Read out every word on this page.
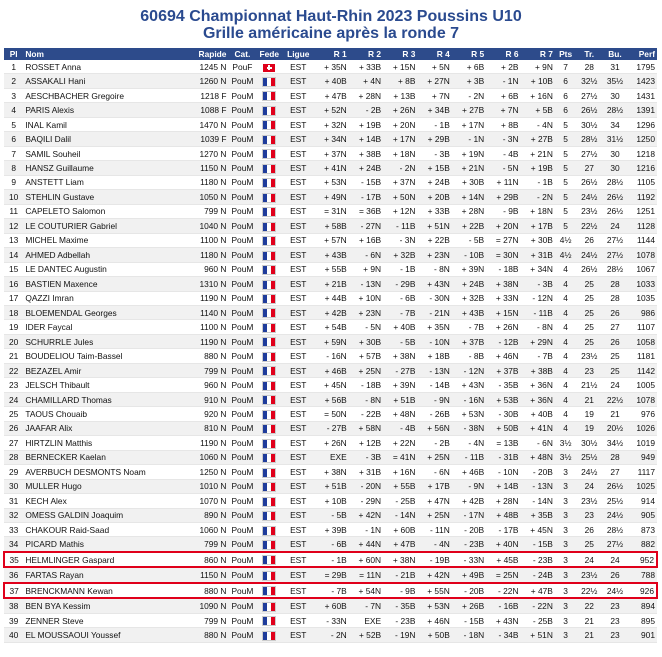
60694 Championnat Haut-Rhin 2023 Poussins U10
Grille américaine après la ronde 7
Pl	Nom	Rapide	Cat.	Fede	Ligue	R 1	R 2	R 3	R 4	R 5	R 6	R 7	Pts	Tr.	Bu.	Perf
1	ROSSET Anna	1245 N	PouF		EST	+ 35N	+ 33B	+ 15N	+ 5N	+ 6B	+ 2B	+ 9N	7	28	31	1795
2	ASSAKALI Hani	1260 N	PouM		EST	+ 40B	+ 4N	+ 8B	+ 27N	+ 3B	- 1N	+ 10B	6	32½	35½	1423
3	AESCHBACHER Gregoire	1218 F	PouM		EST	+ 47B	+ 28N	+ 13B	+ 7N	- 2N	+ 6B	+ 16N	6	27½	30	1431
4	PARIS Alexis	1088 F	PouM		EST	+ 52N	- 2B	+ 26N	+ 34B	+ 27B	+ 7N	+ 5B	6	26½	28½	1391
5	INAL Kamil	1470 N	PouM		EST	+ 32N	+ 19B	+ 20N	- 1B	+ 17N	+ 8B	- 4N	5	30½	34	1296
6	BAQILI Dalil	1039 F	PouM		EST	+ 34N	+ 14B	+ 17N	+ 29B	- 1N	- 3N	+ 27B	5	28½	31½	1250
7	SAMIL Souheil	1270 N	PouM		EST	+ 37N	+ 38B	+ 18N	- 3B	+ 19N	- 4B	+ 21N	5	27½	30	1218
8	HANSZ Guillaume	1150 N	PouM		EST	+ 41N	+ 24B	- 2N	+ 15B	+ 21N	- 5N	+ 19B	5	27	30	1216
9	ANSTETT Liam	1180 N	PouM		EST	+ 53N	- 15B	+ 37N	+ 24B	+ 30B	+ 11N	- 1B	5	26½	28½	1105
10	STEHLIN Gustave	1050 N	PouM		EST	+ 49N	- 17B	+ 50N	+ 20B	+ 14N	+ 29B	- 2N	5	24½	26½	1192
11	CAPELETO Salomon	799 N	PouM		EST	= 31N	= 36B	+ 12N	+ 33B	+ 28N	- 9B	+ 18N	5	23½	26½	1251
12	LE COUTURIER Gabriel	1040 N	PouM		EST	+ 58B	- 27N	- 11B	+ 51N	+ 22B	+ 20N	+ 17B	5	22½	24	1128
13	MICHEL Maxime	1100 N	PouM		EST	+ 57N	+ 16B	- 3N	+ 22B	- 5B	= 27N	+ 30B	4½	26	27½	1144
14	AHMED Adbellah	1180 N	PouM		EST	+ 43B	- 6N	+ 32B	+ 23N	- 10B	= 30N	+ 31B	4½	24½	27½	1078
15	LE DANTEC Augustin	960 N	PouM		EST	+ 55B	+ 9N	- 1B	- 8N	+ 39N	- 18B	+ 34N	4	26½	28½	1067
16	BASTIEN Maxence	1310 N	PouM		EST	+ 21B	- 13N	- 29B	+ 43N	+ 24B	+ 38N	- 3B	4	25	28	1033
17	QAZZI Imran	1190 N	PouM		EST	+ 44B	+ 10N	- 6B	- 30N	+ 32B	+ 33N	- 12N	4	25	28	1035
18	BLOEMENDAL Georges	1140 N	PouM		EST	+ 42B	+ 23N	- 7B	- 21N	+ 43B	+ 15N	- 11B	4	25	26	986
19	IDER Faycal	1100 N	PouM		EST	+ 54B	- 5N	+ 40B	+ 35N	- 7B	+ 26N	- 8N	4	25	27	1107
20	SCHURRLE Jules	1190 N	PouM		EST	+ 59N	+ 30B	- 5B	- 10N	+ 37B	- 12B	+ 29N	4	25	26	1058
21	BOUDELIOU Taim-Bassel	880 N	PouM		EST	- 16N	+ 57B	+ 38N	+ 18B	- 8B	+ 46N	- 7B	4	23½	25	1181
22	BEZAZEL Amir	799 N	PouM		EST	+ 46B	+ 25N	- 27B	- 13N	- 12N	+ 37B	+ 38B	4	23	25	1142
23	JELSCH Thibault	960 N	PouM		EST	+ 45N	- 18B	+ 39N	- 14B	+ 43N	- 35B	+ 36N	4	21½	24	1005
24	CHAMILLARD Thomas	910 N	PouM		EST	+ 56B	- 8N	+ 51B	- 9N	- 16N	+ 53B	+ 36N	4	21	22½	1078
25	TAOUS Chouaib	920 N	PouM		EST	= 50N	- 22B	+ 48N	- 26B	+ 53N	- 30B	+ 40B	4	19	21	976
26	JAAFAR Alix	810 N	PouM		EST	- 27B	+ 58N	- 4B	+ 56N	- 38N	+ 50B	+ 41N	4	19	20½	1026
27	HIRTZLIN Matthis	1190 N	PouM		EST	+ 26N	+ 12B	+ 22N	- 2B	- 4N	= 13B	- 6N	3½	30½	34½	1019
28	BERNECKER Kaelan	1060 N	PouM		EST	EXE	- 3B	= 41N	+ 25N	- 11B	- 31B	+ 48N	3½	25½	28	949
29	AVERBUCH DESMONTS Noam	1250 N	PouM		EST	+ 38N	+ 31B	+ 16N	- 6N	+ 46B	- 10N	- 20B	3	24½	27	1117
30	MULLER Hugo	1010 N	PouM		EST	+ 51B	- 20N	+ 55B	+ 17B	- 9N	+ 14B	- 13N	3	24	26½	1025
31	KECH Alex	1070 N	PouM		EST	+ 10B	- 29N	- 25B	+ 47N	+ 42B	+ 28N	- 14N	3	23½	25½	914
32	OMESS GALDIN Joaquim	890 N	PouM		EST	- 5B	+ 42N	- 14N	+ 25N	- 17N	+ 48B	+ 35B	3	23	24½	905
33	CHAKOUR Raid-Saad	1060 N	PouM		EST	+ 39B	- 1N	+ 60B	- 11N	- 20B	- 17B	+ 45N	3	26	28½	873
34	PICARD Mathis	799 N	PouM		EST	- 6B	+ 44N	+ 47B	- 4N	- 23B	+ 40N	- 15B	3	25	27½	882
35	HELMLINGER Gaspard	860 N	PouM		EST	- 1B	+ 60N	+ 38N	- 19B	- 33N	+ 45B	- 23B	3	24	24	952
36	FARTAS Rayan	1150 N	PouM		EST	= 29B	= 11N	- 21B	+ 42N	+ 49B	= 25N	- 24B	3	23½	26	788
37	BRENCKMANN Kewan	880 N	PouM		EST	- 7B	+ 54N	- 9B	+ 55N	- 20B	- 22N	+ 47B	3	22½	24½	926
38	BEN BYA Kessim	1090 N	PouM		EST	+ 60B	- 7N	- 35B	+ 53N	+ 26B	- 16B	- 22N	3	22	23	894
39	ZENNER Steve	799 N	PouM		EST	- 33N	EXE	- 23B	+ 46N	- 15B	+ 43N	- 25B	3	21	23	895
40	EL MOUSSAOUI Youssef	880 N	PouM		EST	- 2N	+ 52B	- 19N	+ 50B	- 18N	- 34B	+ 51N	3	21	23	901
